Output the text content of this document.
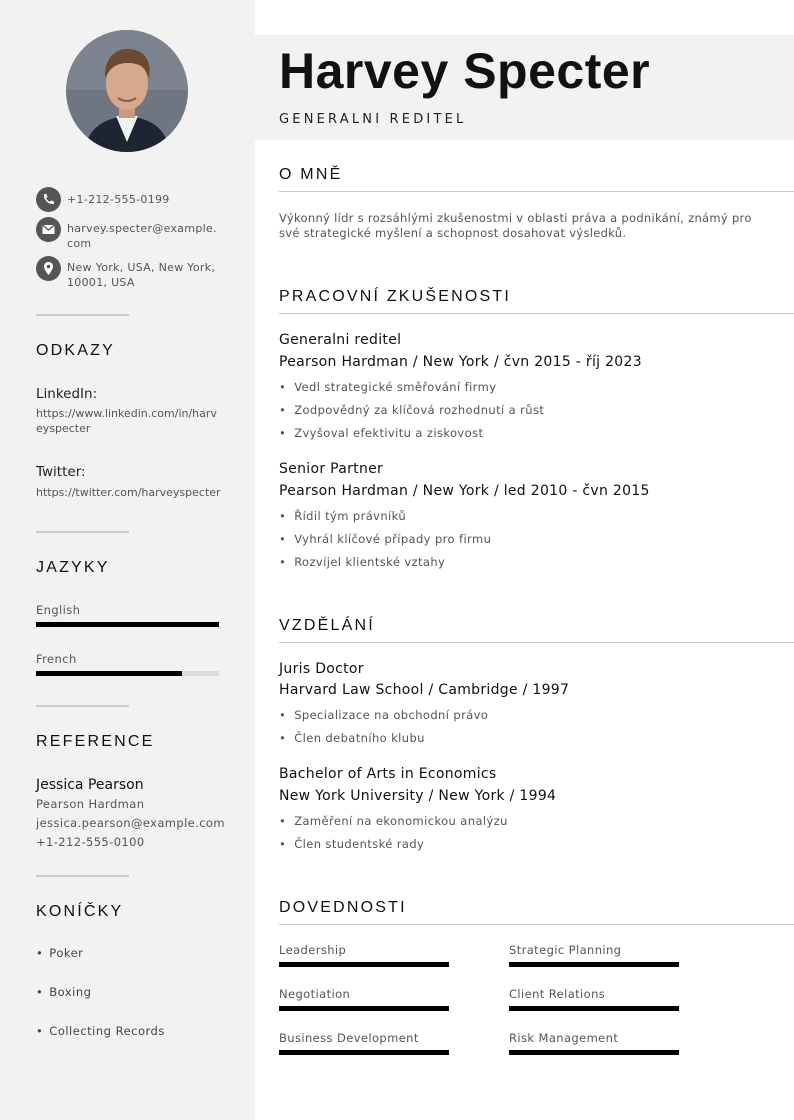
+1-212-555-0199
harvey.specter@example.com
New York, USA, New York, 10001, USA
ODKAZY
LinkedIn:
https://www.linkedin.com/in/harveyspecter
Twitter:
https://twitter.com/harveyspecter
JAZYKY
English
French
REFERENCE
Jessica Pearson
Pearson Hardman
jessica.pearson@example.com
+1-212-555-0100
KONÍČKY
• Poker
• Boxing
• Collecting Records
Harvey Specter
GENERALNI REDITEL
O MNĚ
Výkonný lídr s rozsáhlými zkušenostmi v oblasti práva a podnikání, známý pro své strategické myšlení a schopnost dosahovat výsledků.
PRACOVNÍ ZKUŠENOSTI
Generalni reditel
Pearson Hardman / New York / čvn 2015 - říj 2023
• Vedl strategické směřování firmy
• Zodpovědný za klíčová rozhodnutí a růst
• Zvyšoval efektivitu a ziskovost
Senior Partner
Pearson Hardman / New York / led 2010 - čvn 2015
• Řídil tým právníků
• Vyhrál klíčové případy pro firmu
• Rozvíjel klientské vztahy
VZDĚLÁNÍ
Juris Doctor
Harvard Law School / Cambridge / 1997
• Specializace na obchodní právo
• Člen debatního klubu
Bachelor of Arts in Economics
New York University / New York / 1994
• Zaměření na ekonomickou analýzu
• Člen studentské rady
DOVEDNOSTI
Leadership	Strategic Planning
Negotiation	Client Relations
Business Development	Risk Management
